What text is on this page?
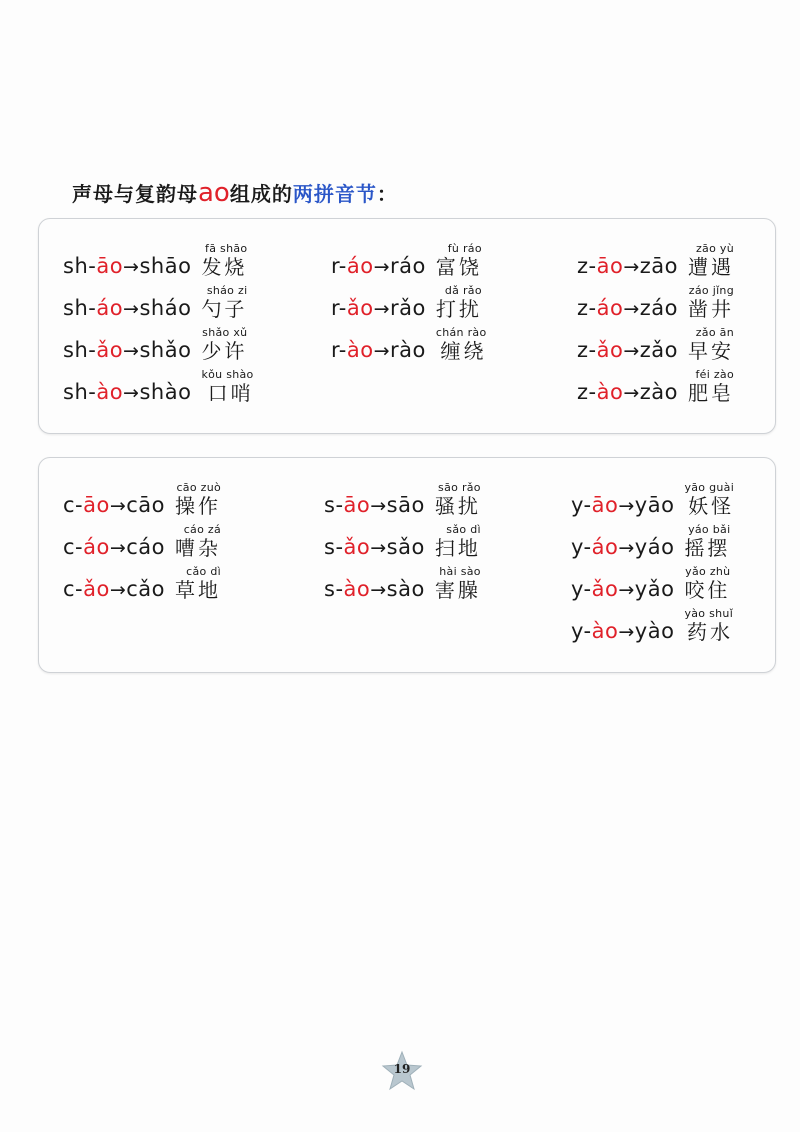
声母与复韵母ao组成的两拼音节：
sh-āo→shāo
fā shāo
发烧
sh-áo→sháo
sháo zi
勺子
sh-ǎo→shǎo
shǎo xǔ
少许
sh-ào→shào
kǒu shào
口哨
r-áo→ráo
fù ráo
富饶
r-ǎo→rǎo
dǎ rǎo
打扰
r-ào→rào
chán rào
缠绕
z-āo→zāo
zāo yù
遭遇
z-áo→záo
záo jǐng
凿井
z-ǎo→zǎo
zǎo ān
早安
z-ào→zào
féi zào
肥皂
c-āo→cāo
cāo zuò
操作
c-áo→cáo
cáo zá
嘈杂
c-ǎo→cǎo
cǎo dì
草地
s-āo→sāo
sāo rǎo
骚扰
s-ǎo→sǎo
sǎo dì
扫地
s-ào→sào
hài sào
害臊
y-āo→yāo
yāo guài
妖怪
y-áo→yáo
yáo bǎi
摇摆
y-ǎo→yǎo
yǎo zhù
咬住
y-ào→yào
yào shuǐ
药水
19
